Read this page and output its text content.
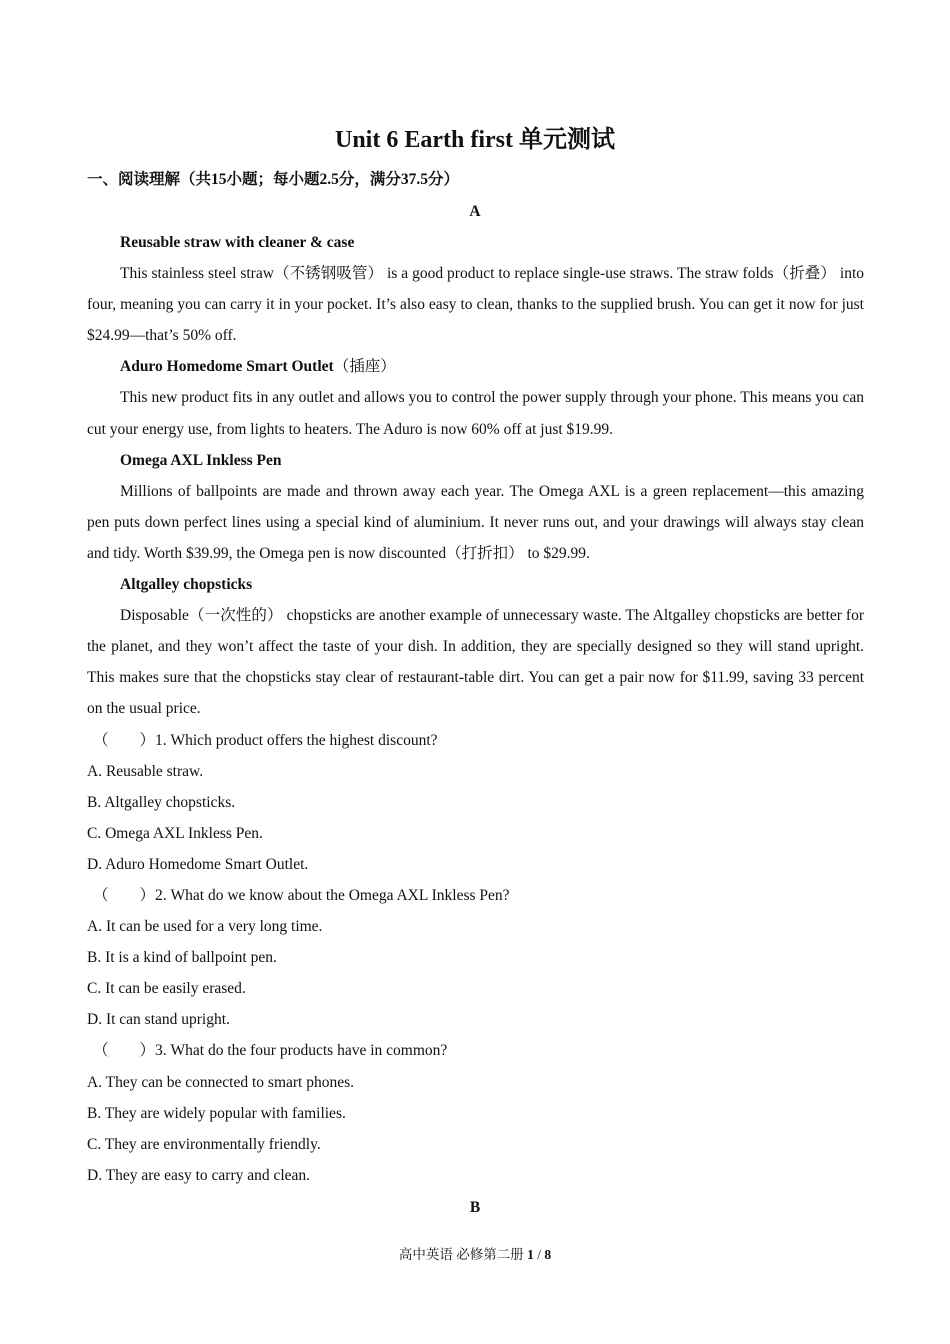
Unit 6 Earth first 单元测试
一、阅读理解（共15小题；每小题2.5分，满分37.5分）
A

Reusable straw with cleaner & case

This stainless steel straw（不锈钢吸管） is a good product to replace single-use straws. The straw folds（折叠） into four, meaning you can carry it in your pocket. It’s also easy to clean, thanks to the supplied brush. You can get it now for just $24.99—that’s 50% off.

Aduro Homedome Smart Outlet（插座）

This new product fits in any outlet and allows you to control the power supply through your phone. This means you can cut your energy use, from lights to heaters. The Aduro is now 60% off at just $19.99.

Omega AXL Inkless Pen

Millions of ballpoints are made and thrown away each year. The Omega AXL is a green replacement—this amazing pen puts down perfect lines using a special kind of aluminium. It never runs out, and your drawings will always stay clean and tidy. Worth $39.99, the Omega pen is now discounted（打折扣） to $29.99.

Altgalley chopsticks

Disposable（一次性的） chopsticks are another example of unnecessary waste. The Altgalley chopsticks are better for the planet, and they won’t affect the taste of your dish. In addition, they are specially designed so they will stand upright. This makes sure that the chopsticks stay clear of restaurant-table dirt. You can get a pair now for $11.99, saving 33 percent on the usual price.

（　　）1. Which product offers the highest discount?

A. Reusable straw.

B. Altgalley chopsticks.

C. Omega AXL Inkless Pen.

D. Aduro Homedome Smart Outlet.

（　　）2. What do we know about the Omega AXL Inkless Pen?

A. It can be used for a very long time.

B. It is a kind of ballpoint pen.

C. It can be easily erased.

D. It can stand upright.

（　　）3. What do the four products have in common?

A. They can be connected to smart phones.

B. They are widely popular with families.

C. They are environmentally friendly.

D. They are easy to carry and clean.

B
高中英语 必修第二册 1 / 8
